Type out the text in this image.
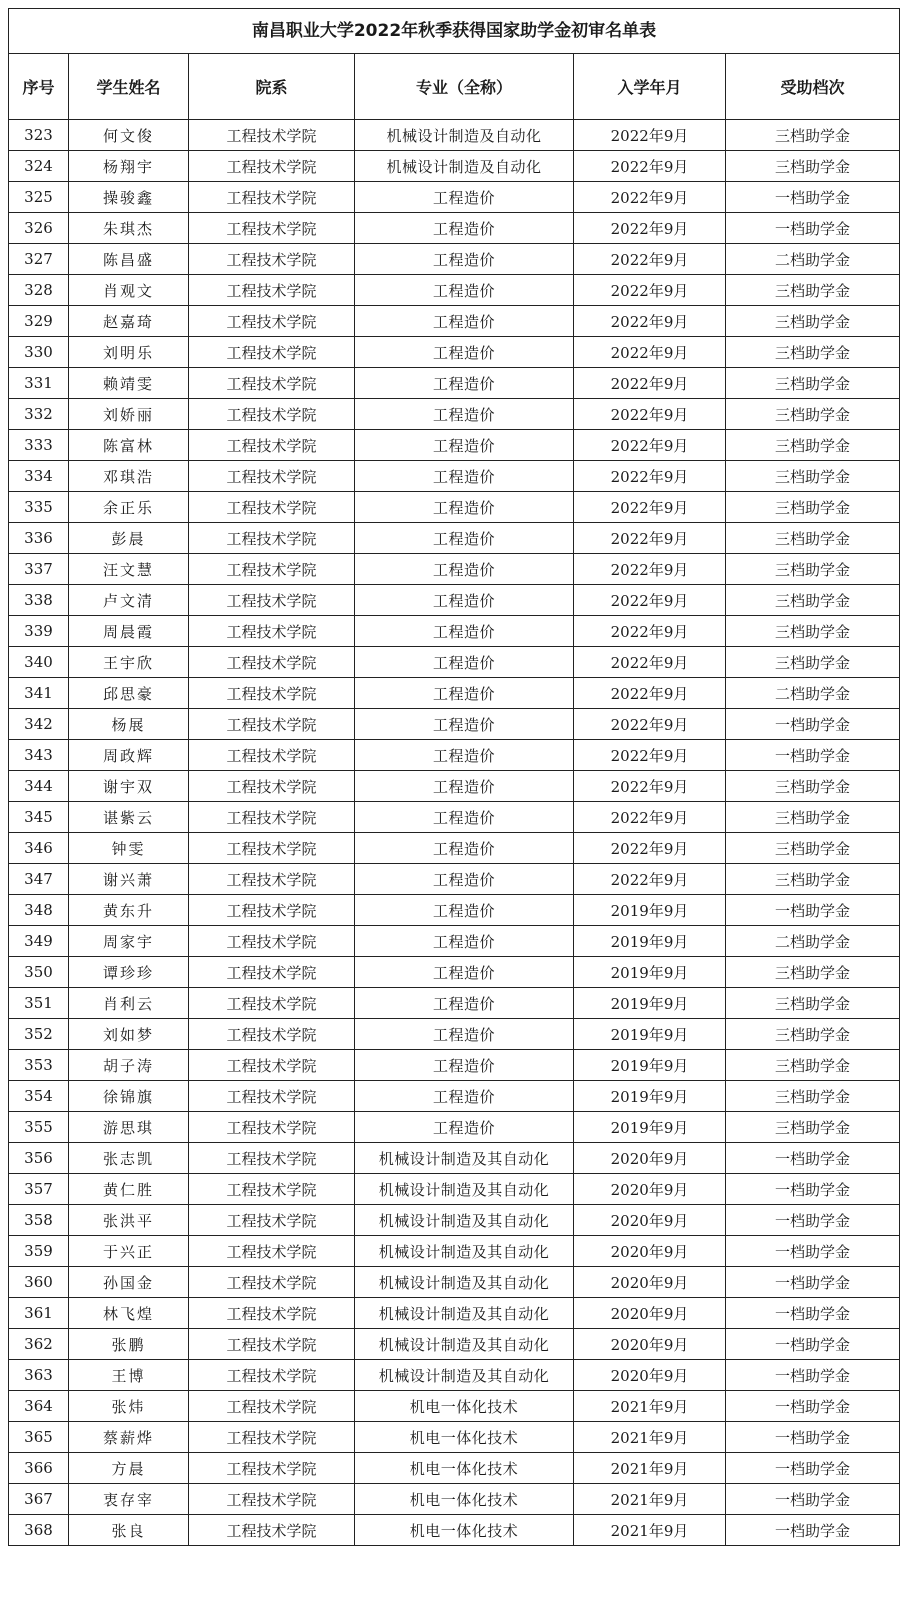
南昌职业大学2022年秋季获得国家助学金初审名单表
序号	学生姓名	院系	专业（全称）	入学年月	受助档次
323	何文俊	工程技术学院	机械设计制造及自动化	2022年9月	三档助学金
324	杨翔宇	工程技术学院	机械设计制造及自动化	2022年9月	三档助学金
325	操骏鑫	工程技术学院	工程造价	2022年9月	一档助学金
326	朱琪杰	工程技术学院	工程造价	2022年9月	一档助学金
327	陈昌盛	工程技术学院	工程造价	2022年9月	二档助学金
328	肖观文	工程技术学院	工程造价	2022年9月	三档助学金
329	赵嘉琦	工程技术学院	工程造价	2022年9月	三档助学金
330	刘明乐	工程技术学院	工程造价	2022年9月	三档助学金
331	赖靖雯	工程技术学院	工程造价	2022年9月	三档助学金
332	刘娇丽	工程技术学院	工程造价	2022年9月	三档助学金
333	陈富林	工程技术学院	工程造价	2022年9月	三档助学金
334	邓琪浩	工程技术学院	工程造价	2022年9月	三档助学金
335	余正乐	工程技术学院	工程造价	2022年9月	三档助学金
336	彭晨	工程技术学院	工程造价	2022年9月	三档助学金
337	汪文慧	工程技术学院	工程造价	2022年9月	三档助学金
338	卢文清	工程技术学院	工程造价	2022年9月	三档助学金
339	周晨霞	工程技术学院	工程造价	2022年9月	三档助学金
340	王宇欣	工程技术学院	工程造价	2022年9月	三档助学金
341	邱思豪	工程技术学院	工程造价	2022年9月	二档助学金
342	杨展	工程技术学院	工程造价	2022年9月	一档助学金
343	周政辉	工程技术学院	工程造价	2022年9月	一档助学金
344	谢宇双	工程技术学院	工程造价	2022年9月	三档助学金
345	谌紫云	工程技术学院	工程造价	2022年9月	三档助学金
346	钟雯	工程技术学院	工程造价	2022年9月	三档助学金
347	谢兴萧	工程技术学院	工程造价	2022年9月	三档助学金
348	黄东升	工程技术学院	工程造价	2019年9月	一档助学金
349	周家宇	工程技术学院	工程造价	2019年9月	二档助学金
350	谭珍珍	工程技术学院	工程造价	2019年9月	三档助学金
351	肖利云	工程技术学院	工程造价	2019年9月	三档助学金
352	刘如梦	工程技术学院	工程造价	2019年9月	三档助学金
353	胡子涛	工程技术学院	工程造价	2019年9月	三档助学金
354	徐锦旗	工程技术学院	工程造价	2019年9月	三档助学金
355	游思琪	工程技术学院	工程造价	2019年9月	三档助学金
356	张志凯	工程技术学院	机械设计制造及其自动化	2020年9月	一档助学金
357	黄仁胜	工程技术学院	机械设计制造及其自动化	2020年9月	一档助学金
358	张洪平	工程技术学院	机械设计制造及其自动化	2020年9月	一档助学金
359	于兴正	工程技术学院	机械设计制造及其自动化	2020年9月	一档助学金
360	孙国金	工程技术学院	机械设计制造及其自动化	2020年9月	一档助学金
361	林飞煌	工程技术学院	机械设计制造及其自动化	2020年9月	一档助学金
362	张鹏	工程技术学院	机械设计制造及其自动化	2020年9月	一档助学金
363	王博	工程技术学院	机械设计制造及其自动化	2020年9月	一档助学金
364	张炜	工程技术学院	机电一体化技术	2021年9月	一档助学金
365	蔡薪烨	工程技术学院	机电一体化技术	2021年9月	一档助学金
366	方晨	工程技术学院	机电一体化技术	2021年9月	一档助学金
367	衷存宰	工程技术学院	机电一体化技术	2021年9月	一档助学金
368	张良	工程技术学院	机电一体化技术	2021年9月	一档助学金
